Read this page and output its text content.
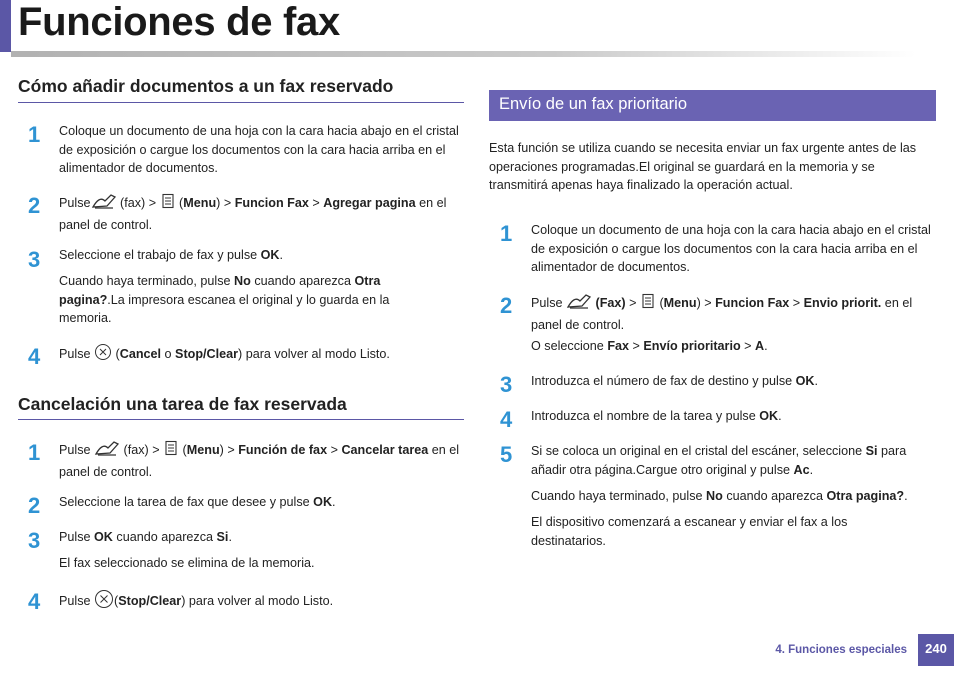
Funciones de fax
Cómo añadir documentos a un fax reservado
1 Coloque un documento de una hoja con la cara hacia abajo en el cristal de exposición o cargue los documentos con la cara hacia arriba en el alimentador de documentos.
2 Pulse (fax) >  (Menu) > Funcion Fax > Agregar pagina en el panel de control.
3 Seleccione el trabajo de fax y pulse OK.
Cuando haya terminado, pulse No cuando aparezca Otra pagina?.La impresora escanea el original y lo guarda en la memoria.
4 Pulse  (Cancel o Stop/Clear) para volver al modo Listo.
Cancelación una tarea de fax reservada
1 Pulse  (fax) >  (Menu) > Función de fax > Cancelar tarea en el panel de control.
2 Seleccione la tarea de fax que desee y pulse OK.
3 Pulse OK cuando aparezca Si.
El fax seleccionado se elimina de la memoria.
4 Pulse (Stop/Clear) para volver al modo Listo.
Envío de un fax prioritario
Esta función se utiliza cuando se necesita enviar un fax urgente antes de las operaciones programadas.El original se guardará en la memoria y se transmitirá apenas haya finalizado la operación actual.
1 Coloque un documento de una hoja con la cara hacia abajo en el cristal de exposición o cargue los documentos con la cara hacia arriba en el alimentador de documentos.
2 Pulse  (Fax) >  (Menu) > Funcion Fax > Envio priorit. en el panel de control.
O seleccione Fax > Envío prioritario > A.
3 Introduzca el número de fax de destino y pulse OK.
4 Introduzca el nombre de la tarea y pulse OK.
5 Si se coloca un original en el cristal del escáner, seleccione Si para añadir otra página.Cargue otro original y pulse Ac.
Cuando haya terminado, pulse No cuando aparezca Otra pagina?.
El dispositivo comenzará a escanear y enviar el fax a los destinatarios.
4. Funciones especiales	240
